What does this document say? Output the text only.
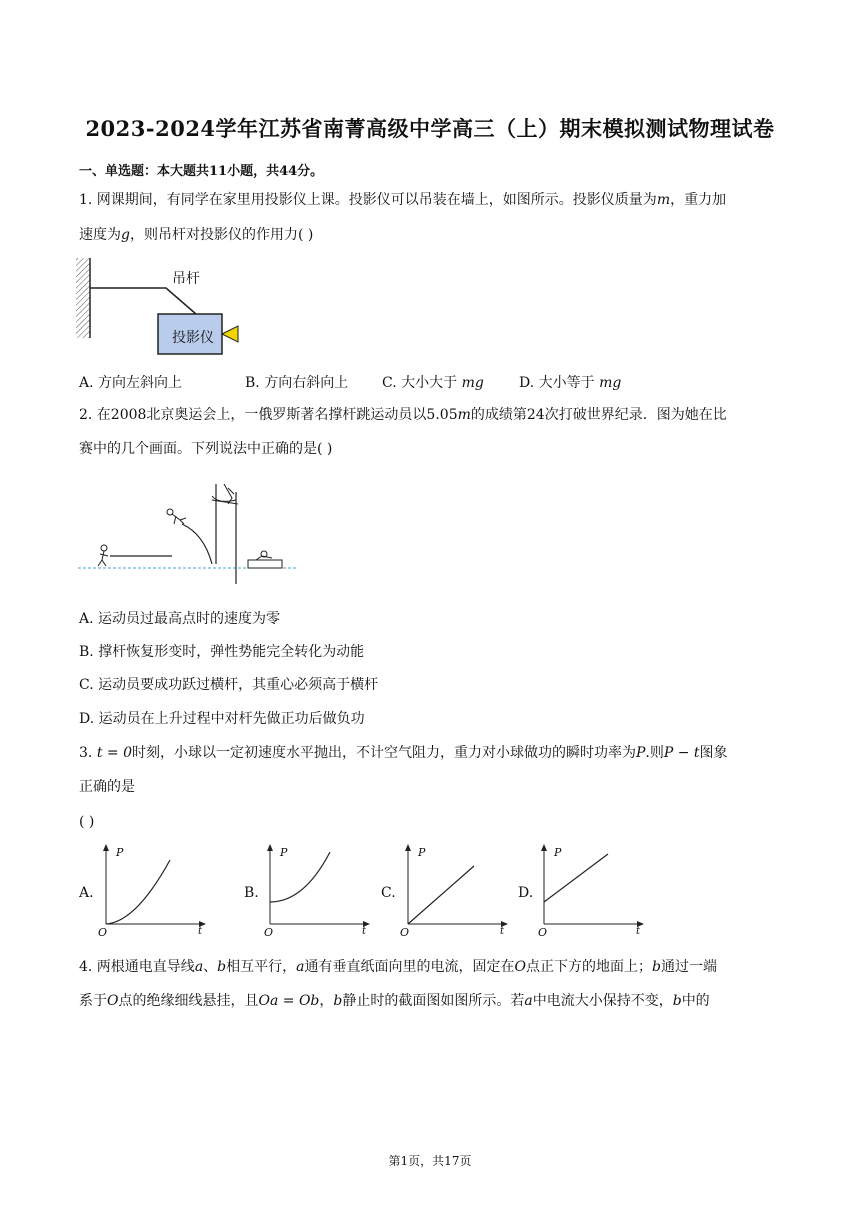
2023-2024学年江苏省南菁高级中学高三（上）期末模拟测试物理试卷
一、单选题：本大题共11小题，共44分。
1. 网课期间，有同学在家里用投影仪上课。投影仪可以吊装在墙上，如图所示。投影仪质量为m，重力加
速度为g，则吊杆对投影仪的作用力( )
吊杆
投影仪
A. 方向左斜向上	B. 方向右斜向上 C. 大小大于 mg	D. 大小等于 mg
2. 在2008北京奥运会上，一俄罗斯著名撑杆跳运动员以5.05m的成绩第24次打破世界纪录．图为她在比
赛中的几个画面。下列说法中正确的是( )
A. 运动员过最高点时的速度为零
B. 撑杆恢复形变时，弹性势能完全转化为动能
C. 运动员要成功跃过横杆，其重心必须高于横杆
D. 运动员在上升过程中对杆先做正功后做负功
3. t = 0时刻，小球以一定初速度水平抛出，不计空气阻力，重力对小球做功的瞬时功率为P.则P − t图象
正确的是
( )
A.
P
t
O
B.
P
t
O
C.
P
t
O
D.
P
t
O
4. 两根通电直导线a、b相互平行，a通有垂直纸面向里的电流，固定在O点正下方的地面上；b通过一端
系于O点的绝缘细线悬挂，且Oa = Ob，b静止时的截面图如图所示。若a中电流大小保持不变，b中的
第1页，共17页
